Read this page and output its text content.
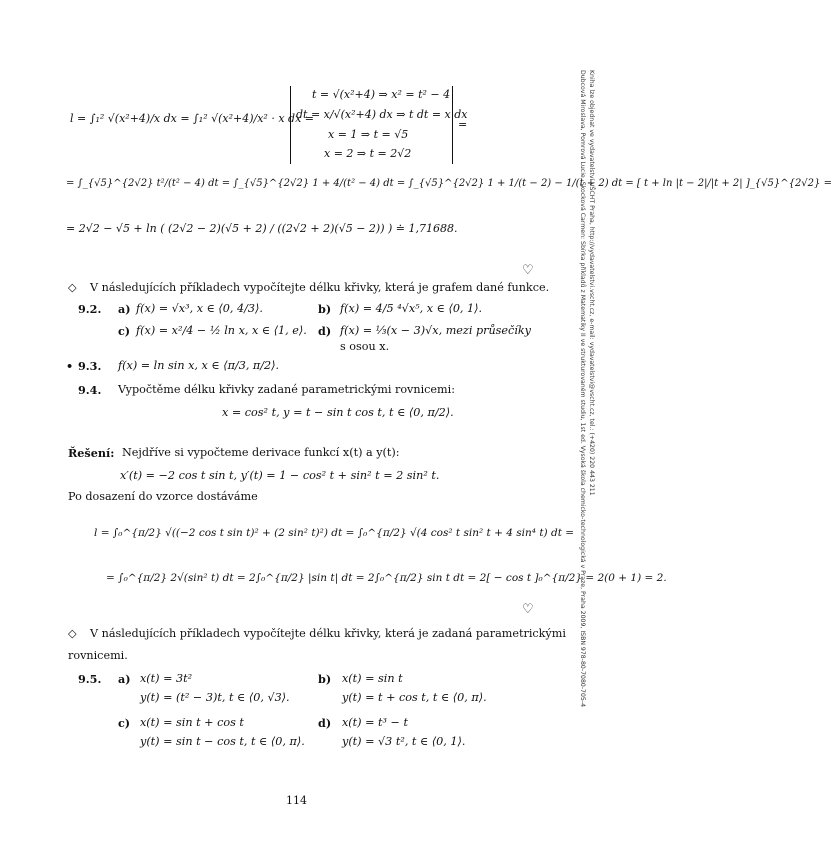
l = ∫₁² √(x²+4)/x dx = ∫₁² √(x²+4)/x² · x dx =
t = √(x²+4) ⇒ x² = t² − 4
dt = x/√(x²+4) dx ⇒ t dt = x dx
x = 1 ⇒ t = √5
x = 2 ⇒ t = 2√2
=
= ∫_{√5}^{2√2} t²/(t² − 4) dt = ∫_{√5}^{2√2} 1 + 4/(t² − 4) dt = ∫_{√5}^{2√2} 1 + 1/(t − 2) − 1/(t + 2) dt = [ t + ln |t − 2|/|t + 2| ]_{√5}^{2√2} =
= 2√2 − √5 + ln ( (2√2 − 2)(√5 + 2) / ((2√2 + 2)(√5 − 2)) ) ≐ 1,71688.
♡
◇ V následujících příkladech vypočítejte délku křivky, která je grafem dané funkce.
9.2. a) f(x) = √x³, x ∈ ⟨0, 4/3⟩.	b) f(x) = 4/5 ⁴√x⁵, x ∈ ⟨0, 1⟩.
c) f(x) = x²/4 − ½ ln x, x ∈ ⟨1, e⟩. d) f(x) = ⅓(x − 3)√x, mezi průsečíky
s osou x.
• 9.3. f(x) = ln sin x, x ∈ ⟨π/3, π/2⟩.
9.4. Vypočtěme délku křivky zadané parametrickými rovnicemi:
x = cos² t, y = t − sin t cos t, t ∈ ⟨0, π/2⟩.
Řešení: Nejdříve si vypočteme derivace funkcí x(t) a y(t):
x′(t) = −2 cos t sin t, y′(t) = 1 − cos² t + sin² t = 2 sin² t.
Po dosazení do vzorce dostáváme
l = ∫₀^{π/2} √((−2 cos t sin t)² + (2 sin² t)²) dt = ∫₀^{π/2} √(4 cos² t sin² t + 4 sin⁴ t) dt =
= ∫₀^{π/2} 2√(sin² t) dt = 2∫₀^{π/2} |sin t| dt = 2∫₀^{π/2} sin t dt = 2[ − cos t ]₀^{π/2} = 2(0 + 1) = 2.
♡
◇ V následujících příkladech vypočítejte délku křivky, která je zadaná parametrickými
rovnicemi.
9.5. a) x(t) = 3t²
y(t) = (t² − 3)t, t ∈ ⟨0, √3⟩.
b) x(t) = sin t
y(t) = t + cos t, t ∈ ⟨0, π⟩.
c) x(t) = sin t + cos t
y(t) = sin t − cos t, t ∈ ⟨0, π⟩.
d) x(t) = t³ − t
y(t) = √3 t², t ∈ ⟨0, 1⟩.
114
Dubcová Miroslava, Pomrová Lucie, Skocková Carmen: Sbírka příkladů z Matematiky II ve strukturovaném studiu, 1st ed. Vysoká škola chemicko-technologická v Praze, Praha 2009, ISBN 978-80-7080-705-4 Kniha lze objednat ve vydavatelství VŠCHT Praha, http://vydavatelstvi.vscht.cz, e-mail: vydavatelstvi@vscht.cz, tel.: (+420) 220 443 211
